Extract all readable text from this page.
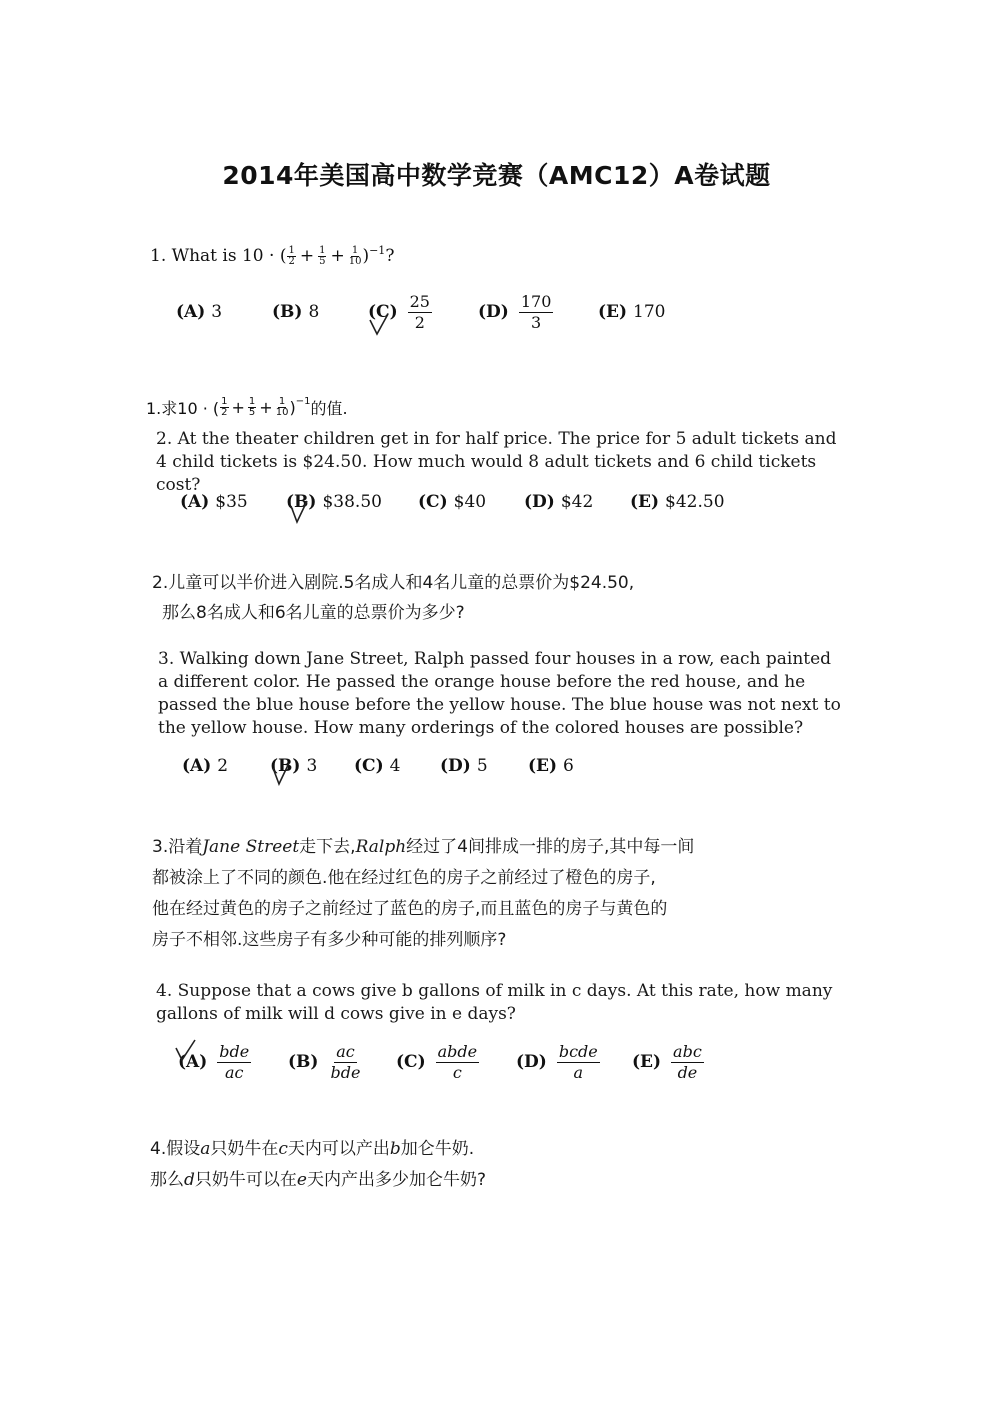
2014年美国高中数学竞赛（AMC12）A卷试题
1. What is 10 · ( 1
$2 + \frac{1}{5} + \frac{1}{10} )^{-1}$ ?
(A) 3	(B) 8	$(C) \frac{25}{2}$	$(D) \frac{170}{3}$	(E) 170
1.求10 · ( 1
$2 + \frac{1}{5} + \frac{1}{10} )^{-1}$ 的值.
2. At the theater children get in for half price. The price for 5 adult tickets and 4 child tickets is $24.50. How much would 8 adult tickets and 6 child tickets cost?
(A) $35 (B) $38.50 (C) $40 (D) $42 (E) $42.50
2.儿童可以半价进入剧院.5名成人和4名儿童的总票价为$24.50,
那么8名成人和6名儿童的总票价为多少?
3. Walking down Jane Street, Ralph passed four houses in a row, each painted a different color. He passed the orange house before the red house, and he passed the blue house before the yellow house. The blue house was not next to the yellow house. How many orderings of the colored houses are possible?
(A) 2 (B) 3 (C) 4 (D) 5 (E) 6
3.沿着Jane Street走下去,Ralph经过了4间排成一排的房子,其中每一间
都被涂上了不同的颜色.他在经过红色的房子之前经过了橙色的房子,
他在经过黄色的房子之前经过了蓝色的房子,而且蓝色的房子与黄色的
房子不相邻.这些房子有多少种可能的排列顺序?
4. Suppose that a cows give b gallons of milk in c days. At this rate, how many gallons of milk will d cows give in e days?
$(A) \frac{\text{bde}}{ac} (B) \frac{ac}{\text{bde}} (C) \frac{\text{abde}}{c} (D) \frac{\text{bcde}}{a} (E) \frac{\text{abc}}{de}$
4.假设a只奶牛在c天内可以产出b加仑牛奶.
那么d只奶牛可以在e天内产出多少加仑牛奶?
